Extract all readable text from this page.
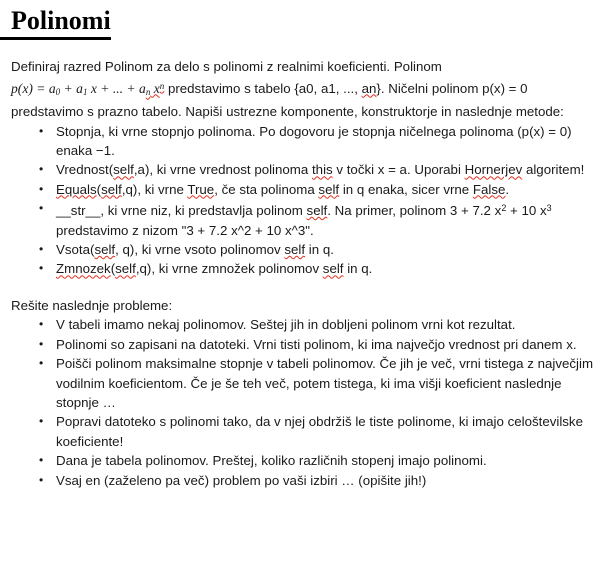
Polinomi

Definiraj razred Polinom za delo s polinomi z realnimi koeficienti. Polinom $p(x) = a_0 + a_1$ x + ... + $a_n$ $x^n$ predstavimo s tabelo {a0, a1, ..., an}. Ničelni polinom p(x) = 0 predstavimo s prazno tabelo. Napiši ustrezne komponente, konstruktorje in naslednje metode:

• Stopnja, ki vrne stopnjo polinoma. Po dogovoru je stopnja ničelnega polinoma (p(x) = 0) enaka −1.
• Vrednost(self,a), ki vrne vrednost polinoma this v točki x = a. Uporabi Hornerjev algoritem!
• Equals(self,q), ki vrne True, če sta polinoma self in q enaka, sicer vrne False.
• __str__, ki vrne niz, ki predstavlja polinom self. Na primer, polinom 3 + 7.2 $x^2 + 10$ $x^3$ predstavimo z nizom "3 + 7.2 x^2 + 10 x^3".
• Vsota(self, q), ki vrne vsoto polinomov self in q.
• Zmnozek(self,q), ki vrne zmnožek polinomov self in q.

Rešite naslednje probleme:

• V tabeli imamo nekaj polinomov. Seštej jih in dobljeni polinom vrni kot rezultat.
• Polinomi so zapisani na datoteki. Vrni tisti polinom, ki ima največjo vrednost pri danem x.
• Poišči polinom maksimalne stopnje v tabeli polinomov. Če jih je več, vrni tistega z največjim vodilnim koeficientom. Če je še teh več, potem tistega, ki ima višji koeficient naslednje stopnje …
• Popravi datoteko s polinomi tako, da v njej obdržiš le tiste polinome, ki imajo celoštevilske koeficiente!
• Dana je tabela polinomov. Preštej, koliko različnih stopenj imajo polinomi.
• Vsaj en (zaželeno pa več) problem po vaši izbiri … (opišite jih!)
